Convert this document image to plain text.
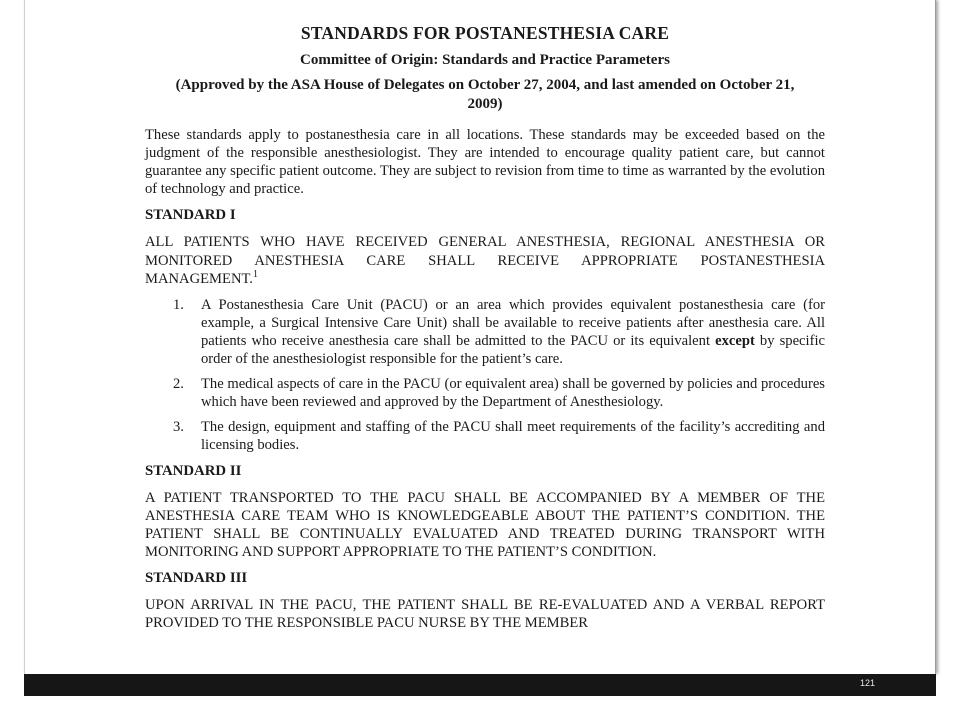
STANDARDS FOR POSTANESTHESIA CARE
Committee of Origin: Standards and Practice Parameters
(Approved by the ASA House of Delegates on October 27, 2004, and last amended on October 21, 2009)

These standards apply to postanesthesia care in all locations. These standards may be exceeded based on the judgment of the responsible anesthesiologist. They are intended to encourage quality patient care, but cannot guarantee any specific patient outcome. They are subject to revision from time to time as warranted by the evolution of technology and practice.

STANDARD I

ALL PATIENTS WHO HAVE RECEIVED GENERAL ANESTHESIA, REGIONAL ANESTHESIA OR MONITORED ANESTHESIA CARE SHALL RECEIVE APPROPRIATE POSTANESTHESIA MANAGEMENT.$^1$

1. A Postanesthesia Care Unit (PACU) or an area which provides equivalent postanesthesia care (for example, a Surgical Intensive Care Unit) shall be available to receive patients after anesthesia care. All patients who receive anesthesia care shall be admitted to the PACU or its equivalent except by specific order of the anesthesiologist responsible for the patient’s care.
2. The medical aspects of care in the PACU (or equivalent area) shall be governed by policies and procedures which have been reviewed and approved by the Department of Anesthesiology.
3. The design, equipment and staffing of the PACU shall meet requirements of the facility’s accrediting and licensing bodies.
STANDARD II

A PATIENT TRANSPORTED TO THE PACU SHALL BE ACCOMPANIED BY A MEMBER OF THE ANESTHESIA CARE TEAM WHO IS KNOWLEDGEABLE ABOUT THE PATIENT’S CONDITION. THE PATIENT SHALL BE CONTINUALLY EVALUATED AND TREATED DURING TRANSPORT WITH MONITORING AND SUPPORT APPROPRIATE TO THE PATIENT’S CONDITION.

STANDARD III

UPON ARRIVAL IN THE PACU, THE PATIENT SHALL BE RE-EVALUATED AND A VERBAL REPORT PROVIDED TO THE RESPONSIBLE PACU NURSE BY THE MEMBER

121
